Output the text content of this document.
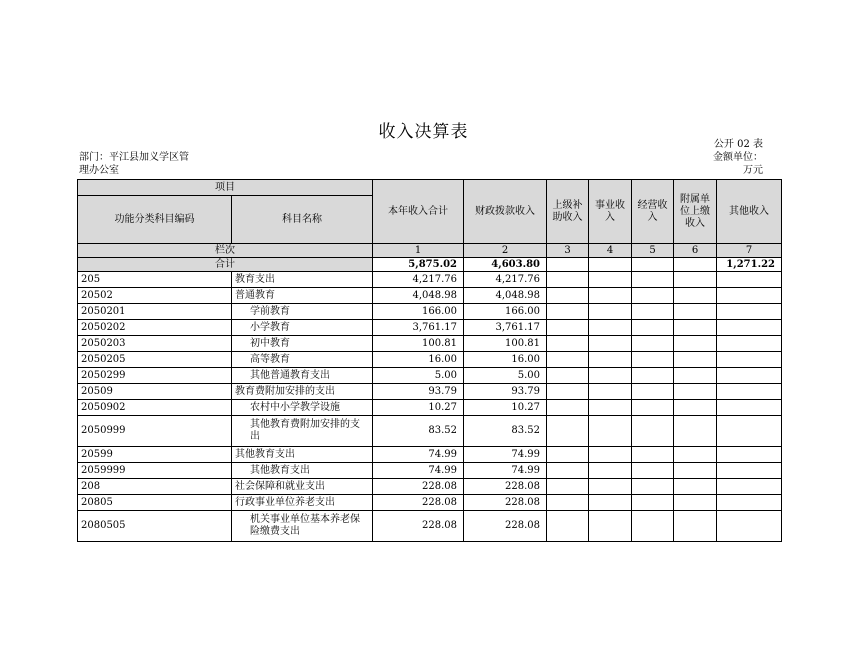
收入决算表
公开 02 表
部门：平江县加义学区管
理办公室
金额单位：
万元
项目		本年收入合计	财政拨款收入	上级补助收入	事业收入	经营收入	附属单位上缴收入	其他收入
功能分类科目编码	科目名称							
栏次		1	2	3	4	5	6	7
合计		5,875.02	4,603.80					1,271.22
205	教育支出	4,217.76	4,217.76					
20502	普通教育	4,048.98	4,048.98					
2050201	学前教育	166.00	166.00					
2050202	小学教育	3,761.17	3,761.17					
2050203	初中教育	100.81	100.81					
2050205	高等教育	16.00	16.00					
2050299	其他普通教育支出	5.00	5.00					
20509	教育费附加安排的支出	93.79	93.79					
2050902	农村中小学教学设施	10.27	10.27					
2050999	其他教育费附加安排的支出	83.52	83.52					
20599	其他教育支出	74.99	74.99					
2059999	其他教育支出	74.99	74.99					
208	社会保障和就业支出	228.08	228.08					
20805	行政事业单位养老支出	228.08	228.08					
2080505	机关事业单位基本养老保险缴费支出	228.08	228.08					
